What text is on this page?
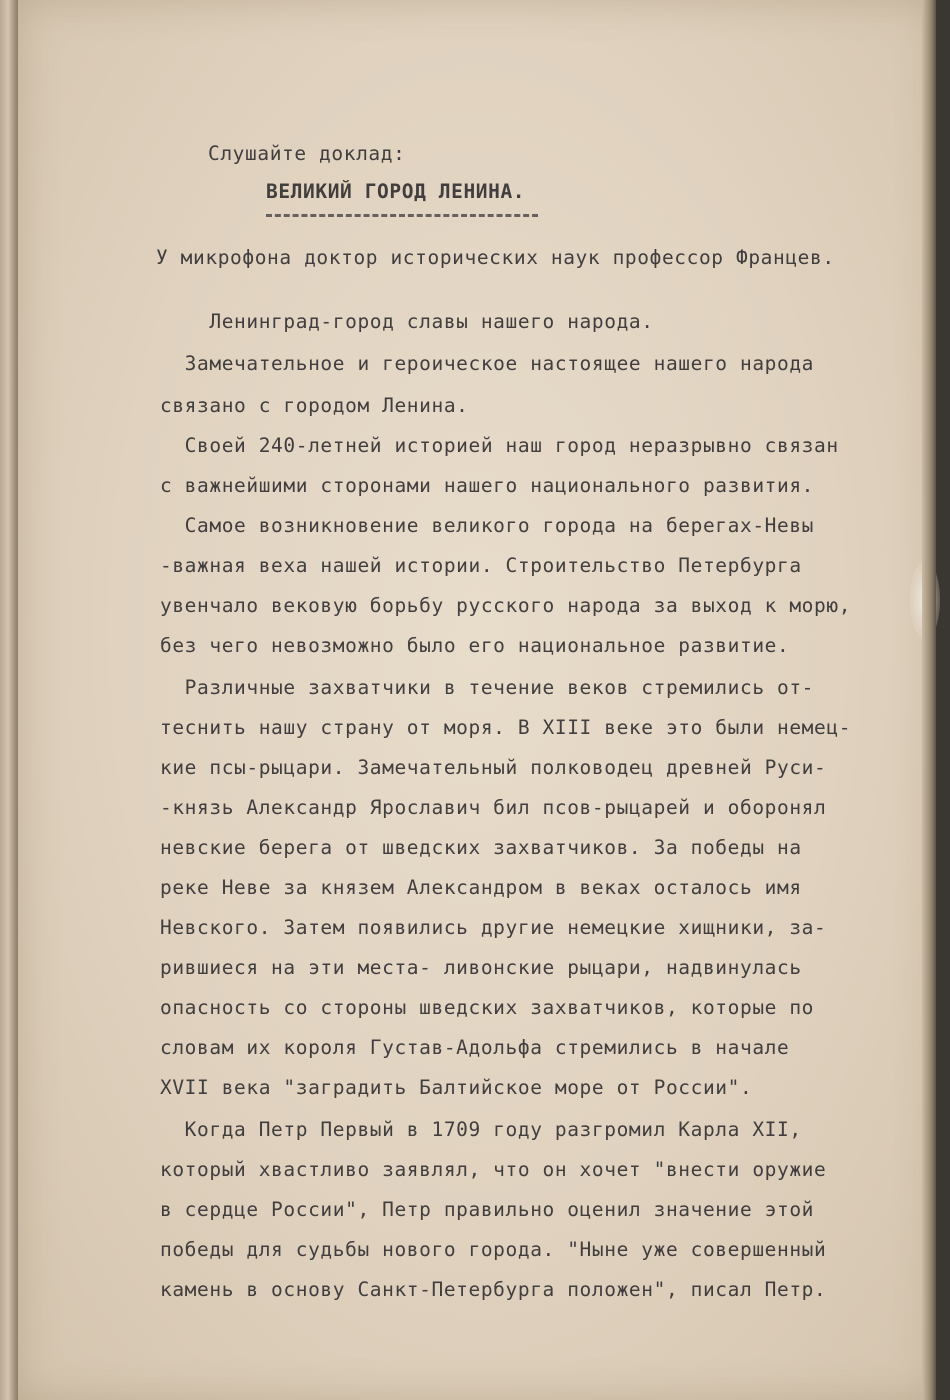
Слушайте доклад:
ВЕЛИКИЙ ГОРОД ЛЕНИНА.
У микрофона доктор исторических наук профессор Францев.

Ленинград-город славы нашего народа.

Замечательное и героическое настоящее нашего народа

связано с городом Ленина.

Своей 240-летней историей наш город неразрывно связан

с важнейшими сторонами нашего национального развития.

Самое возникновение великого города на берегах-Невы

-важная веха нашей истории. Строительство Петербурга

увенчало вековую борьбу русского народа за выход к морю,

без чего невозможно было его национальное развитие.

Различные захватчики в течение веков стремились от-

теснить нашу страну от моря. В XIII веке это были немец-

кие псы-рыцари. Замечательный полководец древней Руси-

-князь Александр Ярославич бил псов-рыцарей и оборонял

невские берега от шведских захватчиков. За победы на

реке Неве за князем Александром в веках осталось имя

Невского. Затем появились другие немецкие хищники, за-

рившиеся на эти места- ливонские рыцари, надвинулась

опасность со стороны шведских захватчиков, которые по

словам их короля Густав-Адольфа стремились в начале

XVII века "заградить Балтийское море от России".

Когда Петр Первый в 1709 году разгромил Карла XII,

который хвастливо заявлял, что он хочет "внести оружие

в сердце России", Петр правильно оценил значение этой

победы для судьбы нового города. "Ныне уже совершенный

камень в основу Санкт-Петербурга положен", писал Петр.
